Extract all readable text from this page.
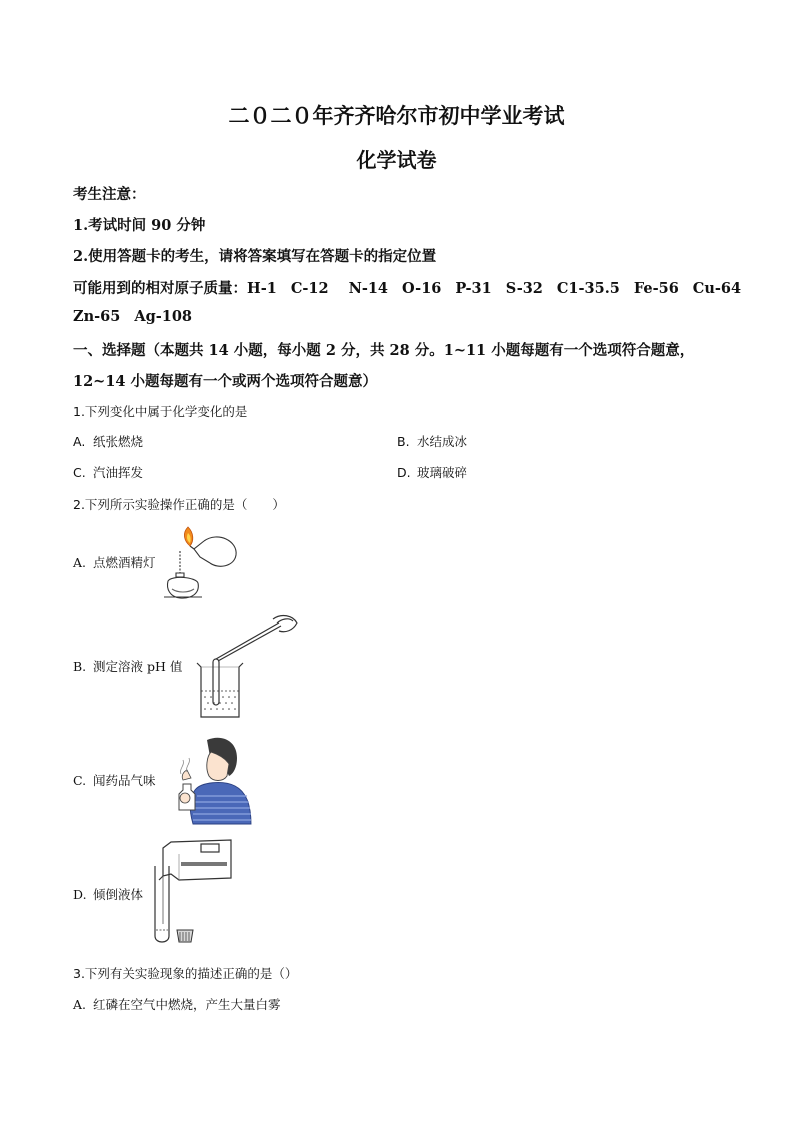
二０二０年齐齐哈尔市初中学业考试
化学试卷
考生注意：
1.考试时间 90 分钟
2.使用答题卡的考生，请将答案填写在答题卡的指定位置
可能用到的相对原子质量：H-1 C-12 N-14 O-16 P-31 S-32 C1-35.5 Fe-56 Cu-64
Zn-65 Ag-108
一、选择题（本题共 14 小题，每小题 2 分，共 28 分。1~11 小题每题有一个选项符合题意，
12~14 小题每题有一个或两个选项符合题意）
1.下列变化中属于化学变化的是
A. 纸张燃烧	B. 水结成冰
C. 汽油挥发	D. 玻璃破碎
2.下列所示实验操作正确的是（　　）
A. 点燃酒精灯
B. 测定溶液 pH 值
C. 闻药品气味
D. 倾倒液体
3.下列有关实验现象的描述正确的是（）
A. 红磷在空气中燃烧，产生大量白雾
